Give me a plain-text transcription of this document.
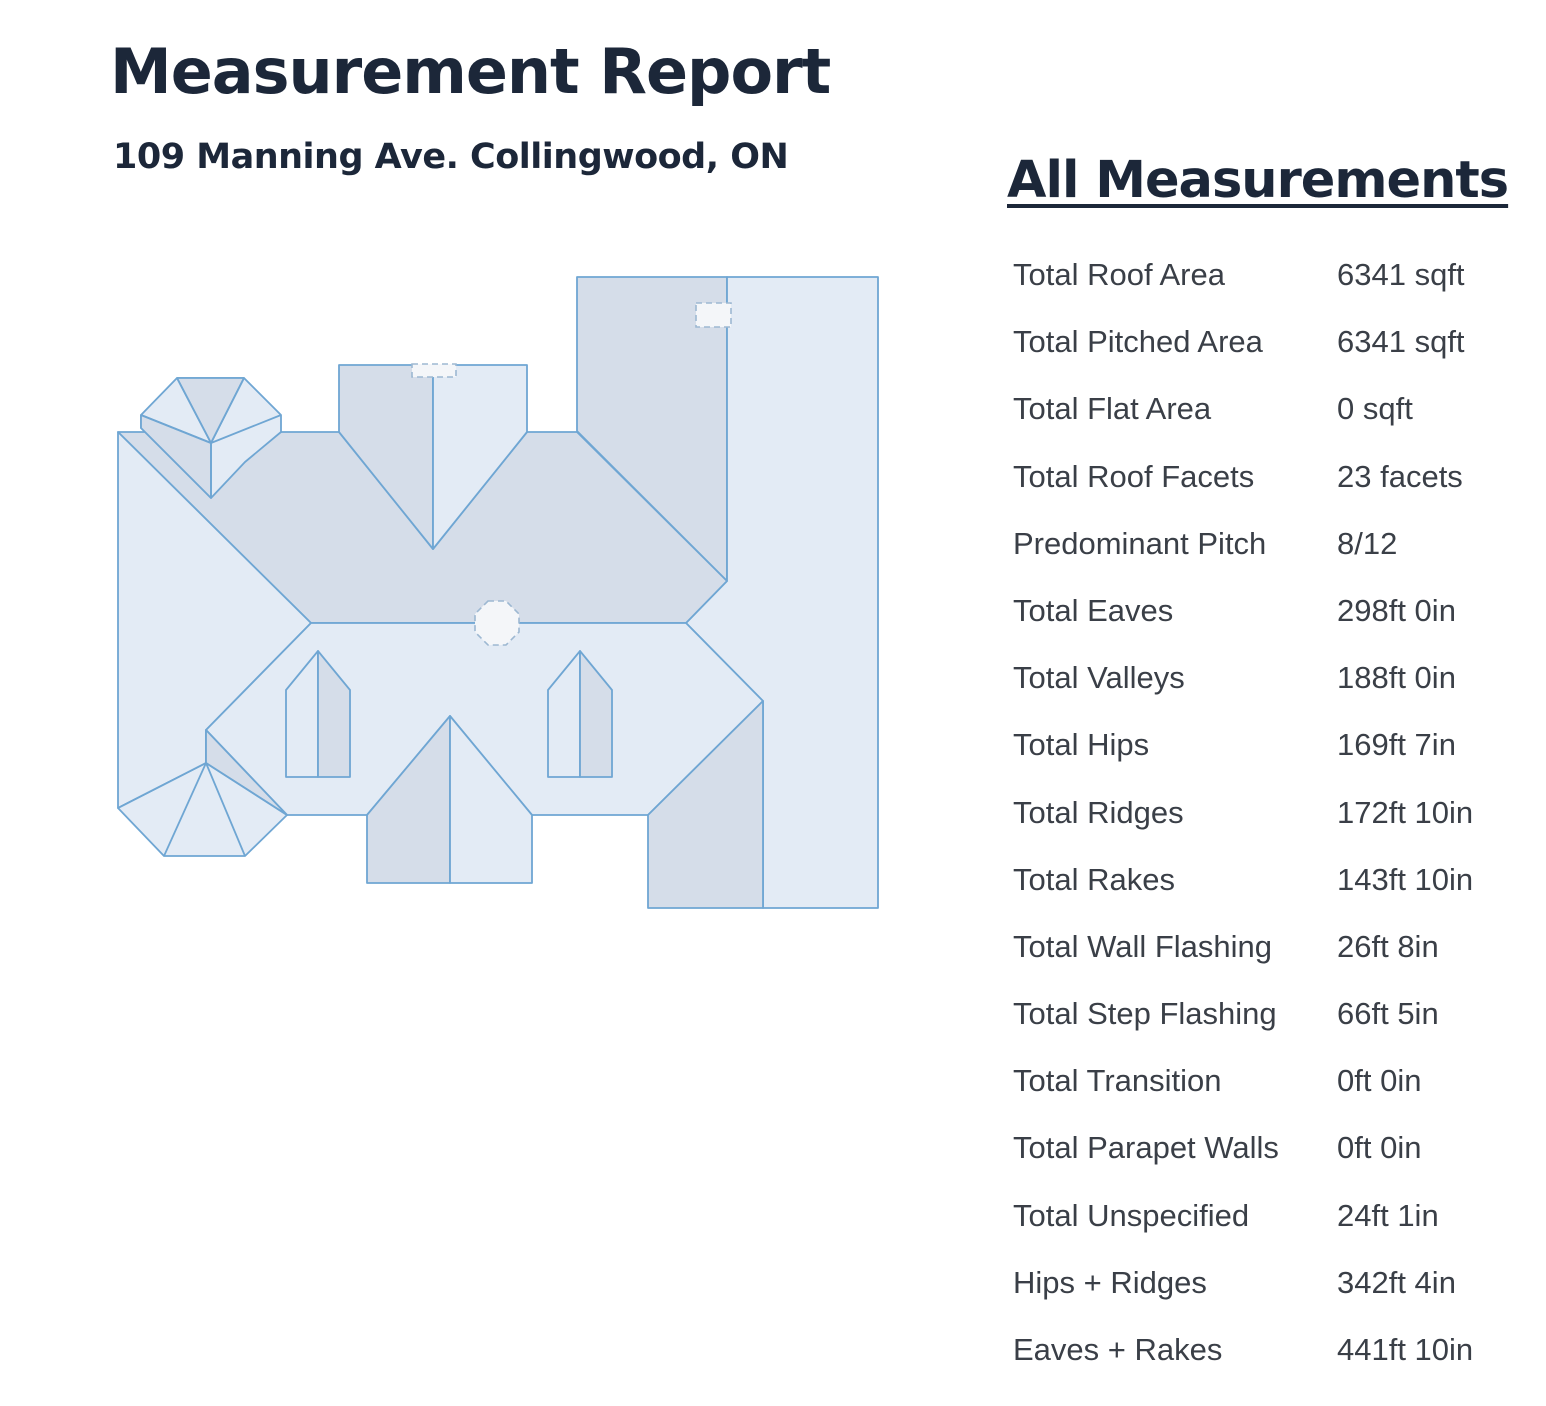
Measurement Report
109 Manning Ave. Collingwood, ON	All Measurements
Total Roof Area	6341 sqft
Total Pitched Area 6341 sqft
Total Flat Area	0 sqft
Total Roof Facets	23 facets
Predominant Pitch 8/12
Total Eaves	298ft 0in
Total Valleys	188ft 0in
Total Hips	169ft 7in
Total Ridges	172ft 10in
Total Rakes	143ft 10in
Total Wall Flashing 26ft 8in
Total Step Flashing 66ft 5in
Total Transition	0ft 0in
Total Parapet Walls 0ft 0in
Total Unspecified	24ft 1in
Hips + Ridges	342ft 4in
Eaves + Rakes	441ft 10in
